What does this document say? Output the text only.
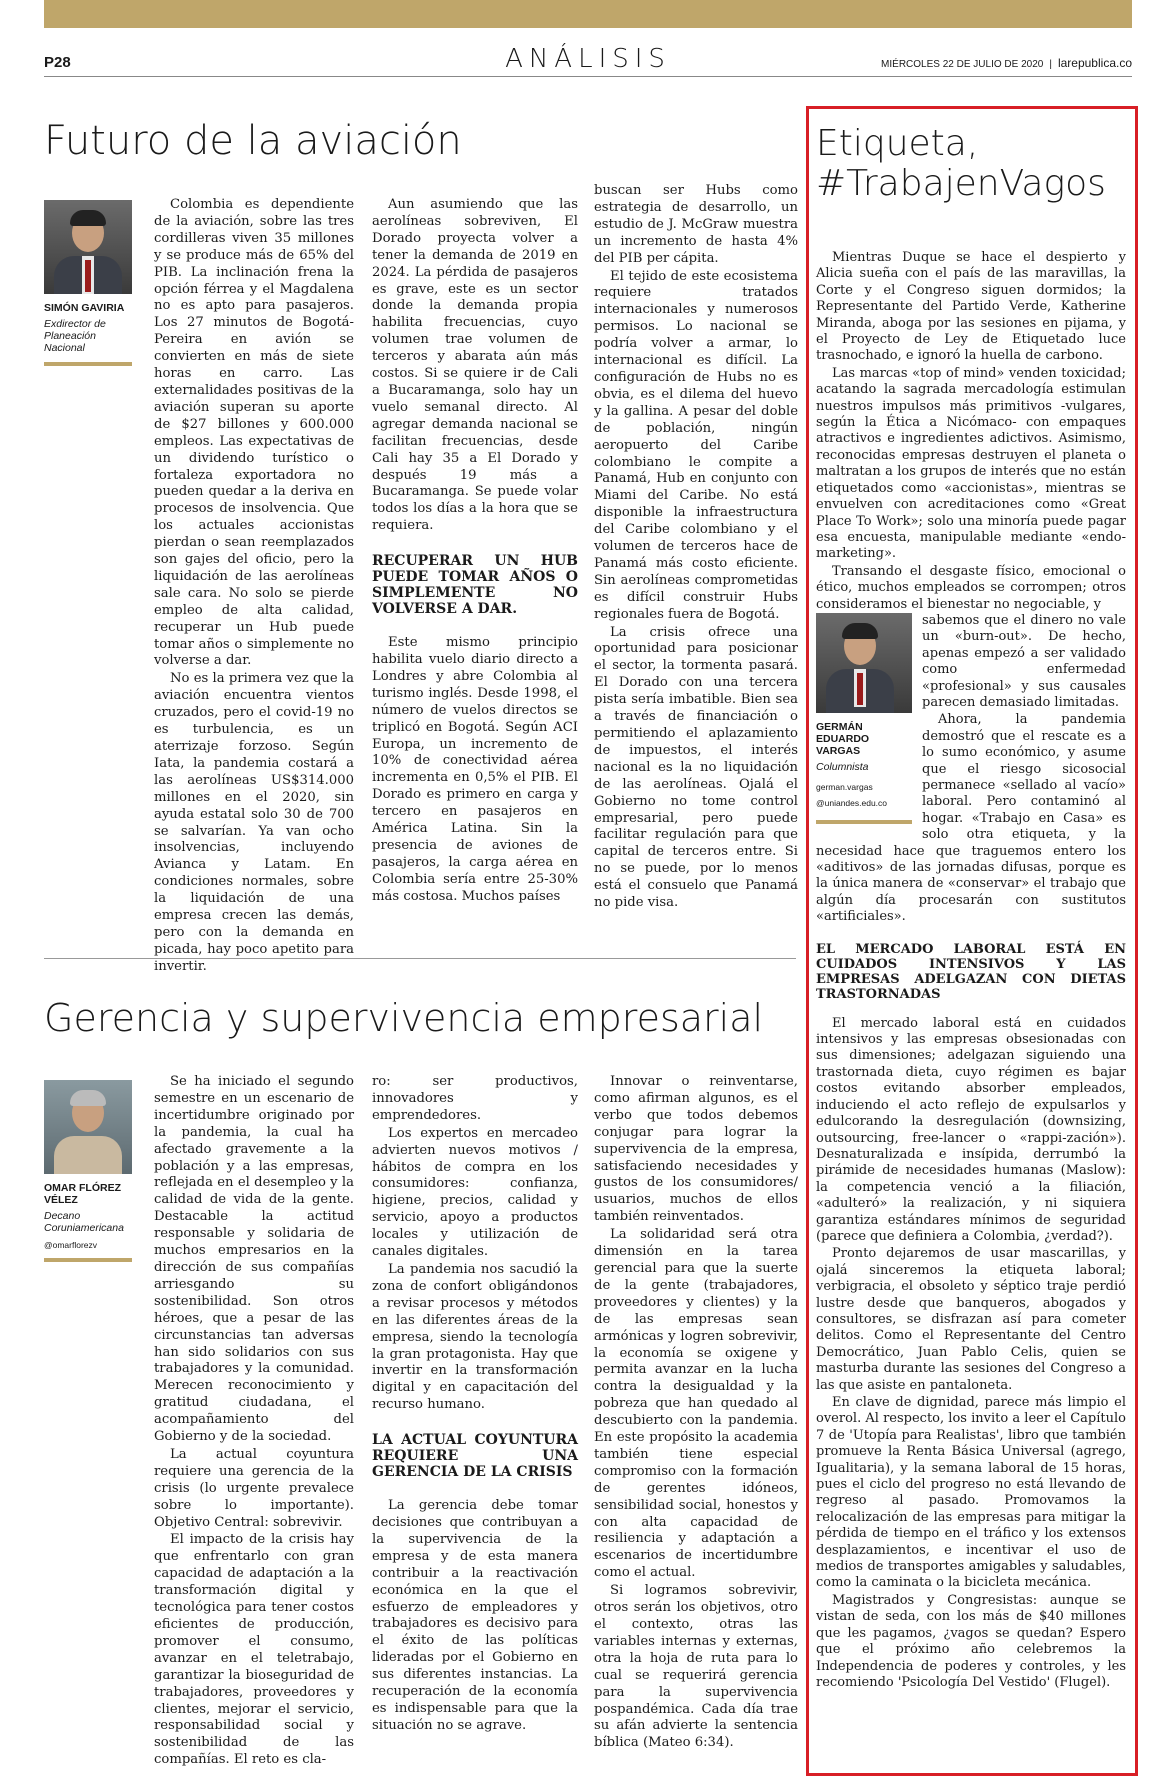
P28	ANÁLISIS	MIÉRCOLES 22 DE JULIO DE 2020 | larepublica.co
Futuro de la aviación
SIMÓN GAVIRIA
Exdirector de Planeación Nacional

Colombia es dependiente de la aviación, sobre las tres cordilleras viven 35 millones y se produce más de 65% del PIB. La inclinación frena la opción férrea y el Magdalena no es apto para pasajeros. Los 27 minutos de Bogotá-Pereira en avión se convierten en más de siete horas en carro. Las externalidades positivas de la aviación superan su aporte de $27 billones y 600.000 empleos. Las expectativas de un dividendo turístico o fortaleza exportadora no pueden quedar a la deriva en procesos de insolvencia. Que los actuales accionistas pierdan o sean reemplazados son gajes del oficio, pero la liquidación de las aerolíneas sale cara. No solo se pierde empleo de alta calidad, recuperar un Hub puede tomar años o simplemente no volverse a dar.

No es la primera vez que la aviación encuentra vientos cruzados, pero el covid-19 no es turbulencia, es un aterrizaje forzoso. Según Iata, la pandemia costará a las aerolíneas US$314.000 millones en el 2020, sin ayuda estatal solo 30 de 700 se salvarían. Ya van ocho insolvencias, incluyendo Avianca y Latam. En condiciones normales, sobre la liquidación de una empresa crecen las demás, pero con la demanda en picada, hay poco apetito para invertir.

Aun asumiendo que las aerolíneas sobreviven, El Dorado proyecta volver a tener la demanda de 2019 en 2024. La pérdida de pasajeros es grave, este es un sector donde la demanda propia habilita frecuencias, cuyo volumen trae volumen de terceros y abarata aún más costos. Si se quiere ir de Cali a Bucaramanga, solo hay un vuelo semanal directo. Al agregar demanda nacional se facilitan frecuencias, desde Cali hay 35 a El Dorado y después 19 más a Bucaramanga. Se puede volar todos los días a la hora que se requiera.

RECUPERAR UN HUB PUEDE TOMAR AÑOS O SIMPLEMENTE NO VOLVERSE A DAR.

Este mismo principio habilita vuelo diario directo a Londres y abre Colombia al turismo inglés. Desde 1998, el número de vuelos directos se triplicó en Bogotá. Según ACI Europa, un incremento de 10% de conectividad aérea incrementa en 0,5% el PIB. El Dorado es primero en carga y tercero en pasajeros en América Latina. Sin la presencia de aviones de pasajeros, la carga aérea en Colombia sería entre 25-30% más costosa. Muchos países

buscan ser Hubs como estrategia de desarrollo, un estudio de J. McGraw muestra un incremento de hasta 4% del PIB per cápita.

El tejido de este ecosistema requiere tratados internacionales y numerosos permisos. Lo nacional se podría volver a armar, lo internacional es difícil. La configuración de Hubs no es obvia, es el dilema del huevo y la gallina. A pesar del doble de población, ningún aeropuerto del Caribe colombiano le compite a Panamá, Hub en conjunto con Miami del Caribe. No está disponible la infraestructura del Caribe colombiano y el volumen de terceros hace de Panamá más costo eficiente. Sin aerolíneas comprometidas es difícil construir Hubs regionales fuera de Bogotá.

La crisis ofrece una oportunidad para posicionar el sector, la tormenta pasará. El Dorado con una tercera pista sería imbatible. Bien sea a través de financiación o permitiendo el aplazamiento de impuestos, el interés nacional es la no liquidación de las aerolíneas. Ojalá el Gobierno no tome control empresarial, pero puede facilitar regulación para que capital de terceros entre. Si no se puede, por lo menos está el consuelo que Panamá no pide visa.

Gerencia y supervivencia empresarial
OMAR FLÓREZ VÉLEZ
Decano Coruniamericana
@omarflorezv

Se ha iniciado el segundo semestre en un escenario de incertidumbre originado por la pandemia, la cual ha afectado gravemente a la población y a las empresas, reflejada en el desempleo y la calidad de vida de la gente. Destacable la actitud responsable y solidaria de muchos empresarios en la dirección de sus compañías arriesgando su sostenibilidad. Son otros héroes, que a pesar de las circunstancias tan adversas han sido solidarios con sus trabajadores y la comunidad. Merecen reconocimiento y gratitud ciudadana, el acompañamiento del Gobierno y de la sociedad.

La actual coyuntura requiere una gerencia de la crisis (lo urgente prevalece sobre lo importante). Objetivo Central: sobrevivir.

El impacto de la crisis hay que enfrentarlo con gran capacidad de adaptación a la transformación digital y tecnológica para tener costos eficientes de producción, promover el consumo, avanzar en el teletrabajo, garantizar la bioseguridad de trabajadores, proveedores y clientes, mejorar el servicio, responsabilidad social y sostenibilidad de las compañías. El reto es cla-

ro: ser productivos, innovadores y emprendedores.

Los expertos en mercadeo advierten nuevos motivos / hábitos de compra en los consumidores: confianza, higiene, precios, calidad y servicio, apoyo a productos locales y utilización de canales digitales.

La pandemia nos sacudió la zona de confort obligándonos a revisar procesos y métodos en las diferentes áreas de la empresa, siendo la tecnología la gran protagonista. Hay que invertir en la transformación digital y en capacitación del recurso humano.

LA ACTUAL COYUNTURA REQUIERE UNA GERENCIA DE LA CRISIS

La gerencia debe tomar decisiones que contribuyan a la supervivencia de la empresa y de esta manera contribuir a la reactivación económica en la que el esfuerzo de empleadores y trabajadores es decisivo para el éxito de las políticas lideradas por el Gobierno en sus diferentes instancias. La recuperación de la economía es indispensable para que la situación no se agrave.

Innovar o reinventarse, como afirman algunos, es el verbo que todos debemos conjugar para lograr la supervivencia de la empresa, satisfaciendo necesidades y gustos de los consumidores/ usuarios, muchos de ellos también reinventados.

La solidaridad será otra dimensión en la tarea gerencial para que la suerte de la gente (trabajadores, proveedores y clientes) y la de las empresas sean armónicas y logren sobrevivir, la economía se oxigene y permita avanzar en la lucha contra la desigualdad y la pobreza que han quedado al descubierto con la pandemia. En este propósito la academia también tiene especial compromiso con la formación de gerentes idóneos, sensibilidad social, honestos y con alta capacidad de resiliencia y adaptación a escenarios de incertidumbre como el actual.

Si logramos sobrevivir, otros serán los objetivos, otro el contexto, otras las variables internas y externas, otra la hoja de ruta para lo cual se requerirá gerencia para la supervivencia pospandémica. Cada día trae su afán advierte la sentencia bíblica (Mateo 6:34).

Etiqueta,
#TrabajenVagos

Mientras Duque se hace el despierto y Alicia sueña con el país de las maravillas, la Corte y el Congreso siguen dormidos; la Representante del Partido Verde, Katherine Miranda, aboga por las sesiones en pijama, y el Proyecto de Ley de Etiquetado luce trasnochado, e ignoró la huella de carbono.

Las marcas «top of mind» venden toxicidad; acatando la sagrada mercadología estimulan nuestros impulsos más primitivos -vulgares, según la Ética a Nicómaco- con empaques atractivos e ingredientes adictivos. Asimismo, reconocidas empresas destruyen el planeta o maltratan a los grupos de interés que no están etiquetados como «accionistas», mientras se envuelven con acreditaciones como «Great Place To Work»; solo una minoría puede pagar esa encuesta, manipulable mediante «endo-marketing».

Transando el desgaste físico, emocional o ético, muchos empleados se corrompen; otros consideramos el bienestar no negociable, y

GERMÁN EDUARDO VARGAS
Columnista
german.vargas @uniandes.edu.co

sabemos que el dinero no vale un «burn-out». De hecho, apenas empezó a ser validado como enfermedad «profesional» y sus causales parecen demasiado limitadas.

Ahora, la pandemia demostró que el rescate es a lo sumo económico, y asume que el riesgo sicosocial permanece «sellado al vacío» laboral. Pero contaminó al hogar. «Trabajo en Casa» es solo otra etiqueta, y la necesidad hace que traguemos entero los «aditivos» de las jornadas difusas, porque es la única manera de «conservar» el trabajo que algún día procesarán con sustitutos «artificiales».

EL MERCADO LABORAL ESTÁ EN CUIDADOS INTENSIVOS Y LAS EMPRESAS ADELGAZAN CON DIETAS TRASTORNADAS

El mercado laboral está en cuidados intensivos y las empresas obsesionadas con sus dimensiones; adelgazan siguiendo una trastornada dieta, cuyo régimen es bajar costos evitando absorber empleados, induciendo el acto reflejo de expulsarlos y edulcorando la desregulación (downsizing, outsourcing, free-lancer o «rappi-zación»). Desnaturalizada e insípida, derrumbó la pirámide de necesidades humanas (Maslow): la competencia venció a la filiación, «adulteró» la realización, y ni siquiera garantiza estándares mínimos de seguridad (parece que definiera a Colombia, ¿verdad?).

Pronto dejaremos de usar mascarillas, y ojalá sinceremos la etiqueta laboral; verbigracia, el obsoleto y séptico traje perdió lustre desde que banqueros, abogados y consultores, se disfrazan así para cometer delitos. Como el Representante del Centro Democrático, Juan Pablo Celis, quien se masturba durante las sesiones del Congreso a las que asiste en pantaloneta.

En clave de dignidad, parece más limpio el overol. Al respecto, los invito a leer el Capítulo 7 de 'Utopía para Realistas', libro que también promueve la Renta Básica Universal (agrego, Igualitaria), y la semana laboral de 15 horas, pues el ciclo del progreso no está llevando de regreso al pasado. Promovamos la relocalización de las empresas para mitigar la pérdida de tiempo en el tráfico y los extensos desplazamientos, e incentivar el uso de medios de transportes amigables y saludables, como la caminata o la bicicleta mecánica.

Magistrados y Congresistas: aunque se vistan de seda, con los más de $40 millones que les pagamos, ¿vagos se quedan? Espero que el próximo año celebremos la Independencia de poderes y controles, y les recomiendo 'Psicología Del Vestido' (Flugel).
